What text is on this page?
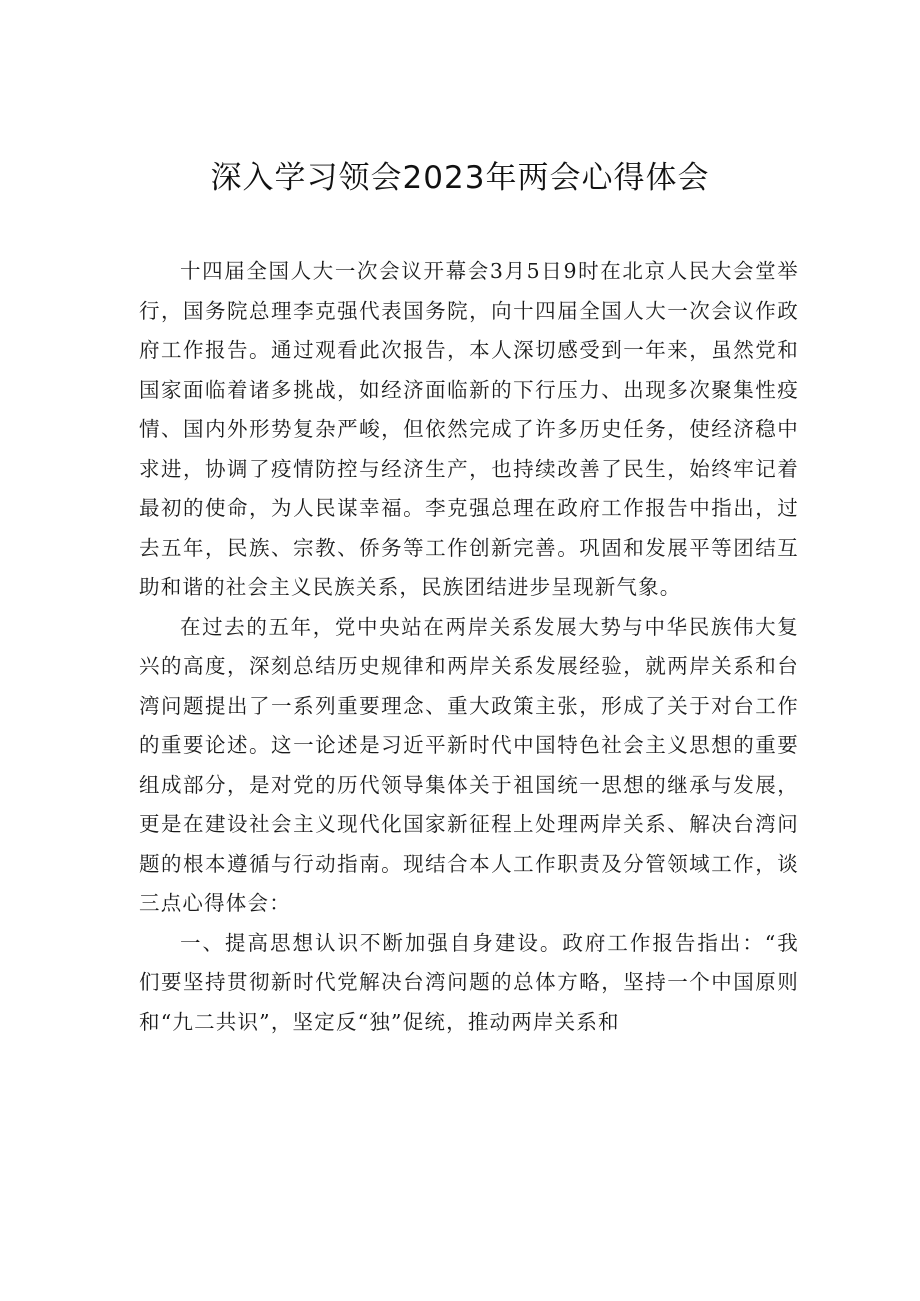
深入学习领会2023年两会心得体会

十四届全国人大一次会议开幕会3月5日9时在北京人民大会堂举行，国务院总理李克强代表国务院，向十四届全国人大一次会议作政府工作报告。通过观看此次报告，本人深切感受到一年来，虽然党和国家面临着诸多挑战，如经济面临新的下行压力、出现多次聚集性疫情、国内外形势复杂严峻，但依然完成了许多历史任务，使经济稳中求进，协调了疫情防控与经济生产，也持续改善了民生，始终牢记着最初的使命，为人民谋幸福。李克强总理在政府工作报告中指出，过去五年，民族、宗教、侨务等工作创新完善。巩固和发展平等团结互助和谐的社会主义民族关系，民族团结进步呈现新气象。

在过去的五年，党中央站在两岸关系发展大势与中华民族伟大复兴的高度，深刻总结历史规律和两岸关系发展经验，就两岸关系和台湾问题提出了一系列重要理念、重大政策主张，形成了关于对台工作的重要论述。这一论述是习近平新时代中国特色社会主义思想的重要组成部分，是对党的历代领导集体关于祖国统一思想的继承与发展，更是在建设社会主义现代化国家新征程上处理两岸关系、解决台湾问题的根本遵循与行动指南。现结合本人工作职责及分管领域工作，谈三点心得体会：

一、提高思想认识不断加强自身建设。政府工作报告指出：“我们要坚持贯彻新时代党解决台湾问题的总体方略，坚持一个中国原则和“九二共识”，坚定反“独”促统，推动两岸关系和
